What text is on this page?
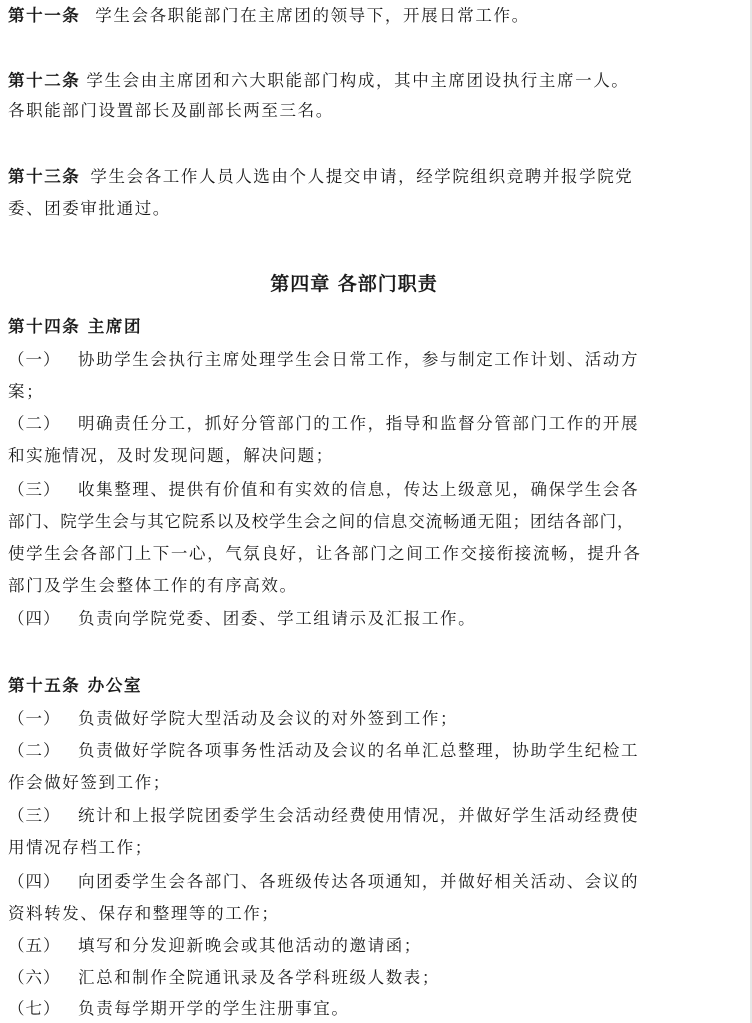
第十一条 学生会各职能部门在主席团的领导下，开展日常工作。
第十二条 学生会由主席团和六大职能部门构成，其中主席团设执行主席一人。
各职能部门设置部长及副部长两至三名。
第十三条 学生会各工作人员人选由个人提交申请，经学院组织竞聘并报学院党
委、团委审批通过。
第四章 各部门职责
第十四条 主席团
（一） 协助学生会执行主席处理学生会日常工作，参与制定工作计划、活动方
案；
（二） 明确责任分工，抓好分管部门的工作，指导和监督分管部门工作的开展
和实施情况，及时发现问题，解决问题；
（三） 收集整理、提供有价值和有实效的信息，传达上级意见，确保学生会各
部门、院学生会与其它院系以及校学生会之间的信息交流畅通无阻；团结各部门，
使学生会各部门上下一心，气氛良好，让各部门之间工作交接衔接流畅，提升各
部门及学生会整体工作的有序高效。
（四） 负责向学院党委、团委、学工组请示及汇报工作。
第十五条 办公室
（一） 负责做好学院大型活动及会议的对外签到工作；
（二） 负责做好学院各项事务性活动及会议的名单汇总整理，协助学生纪检工
作会做好签到工作；
（三） 统计和上报学院团委学生会活动经费使用情况，并做好学生活动经费使
用情况存档工作；
（四） 向团委学生会各部门、各班级传达各项通知，并做好相关活动、会议的
资料转发、保存和整理等的工作；
（五） 填写和分发迎新晚会或其他活动的邀请函；
（六） 汇总和制作全院通讯录及各学科班级人数表；
（七） 负责每学期开学的学生注册事宜。
